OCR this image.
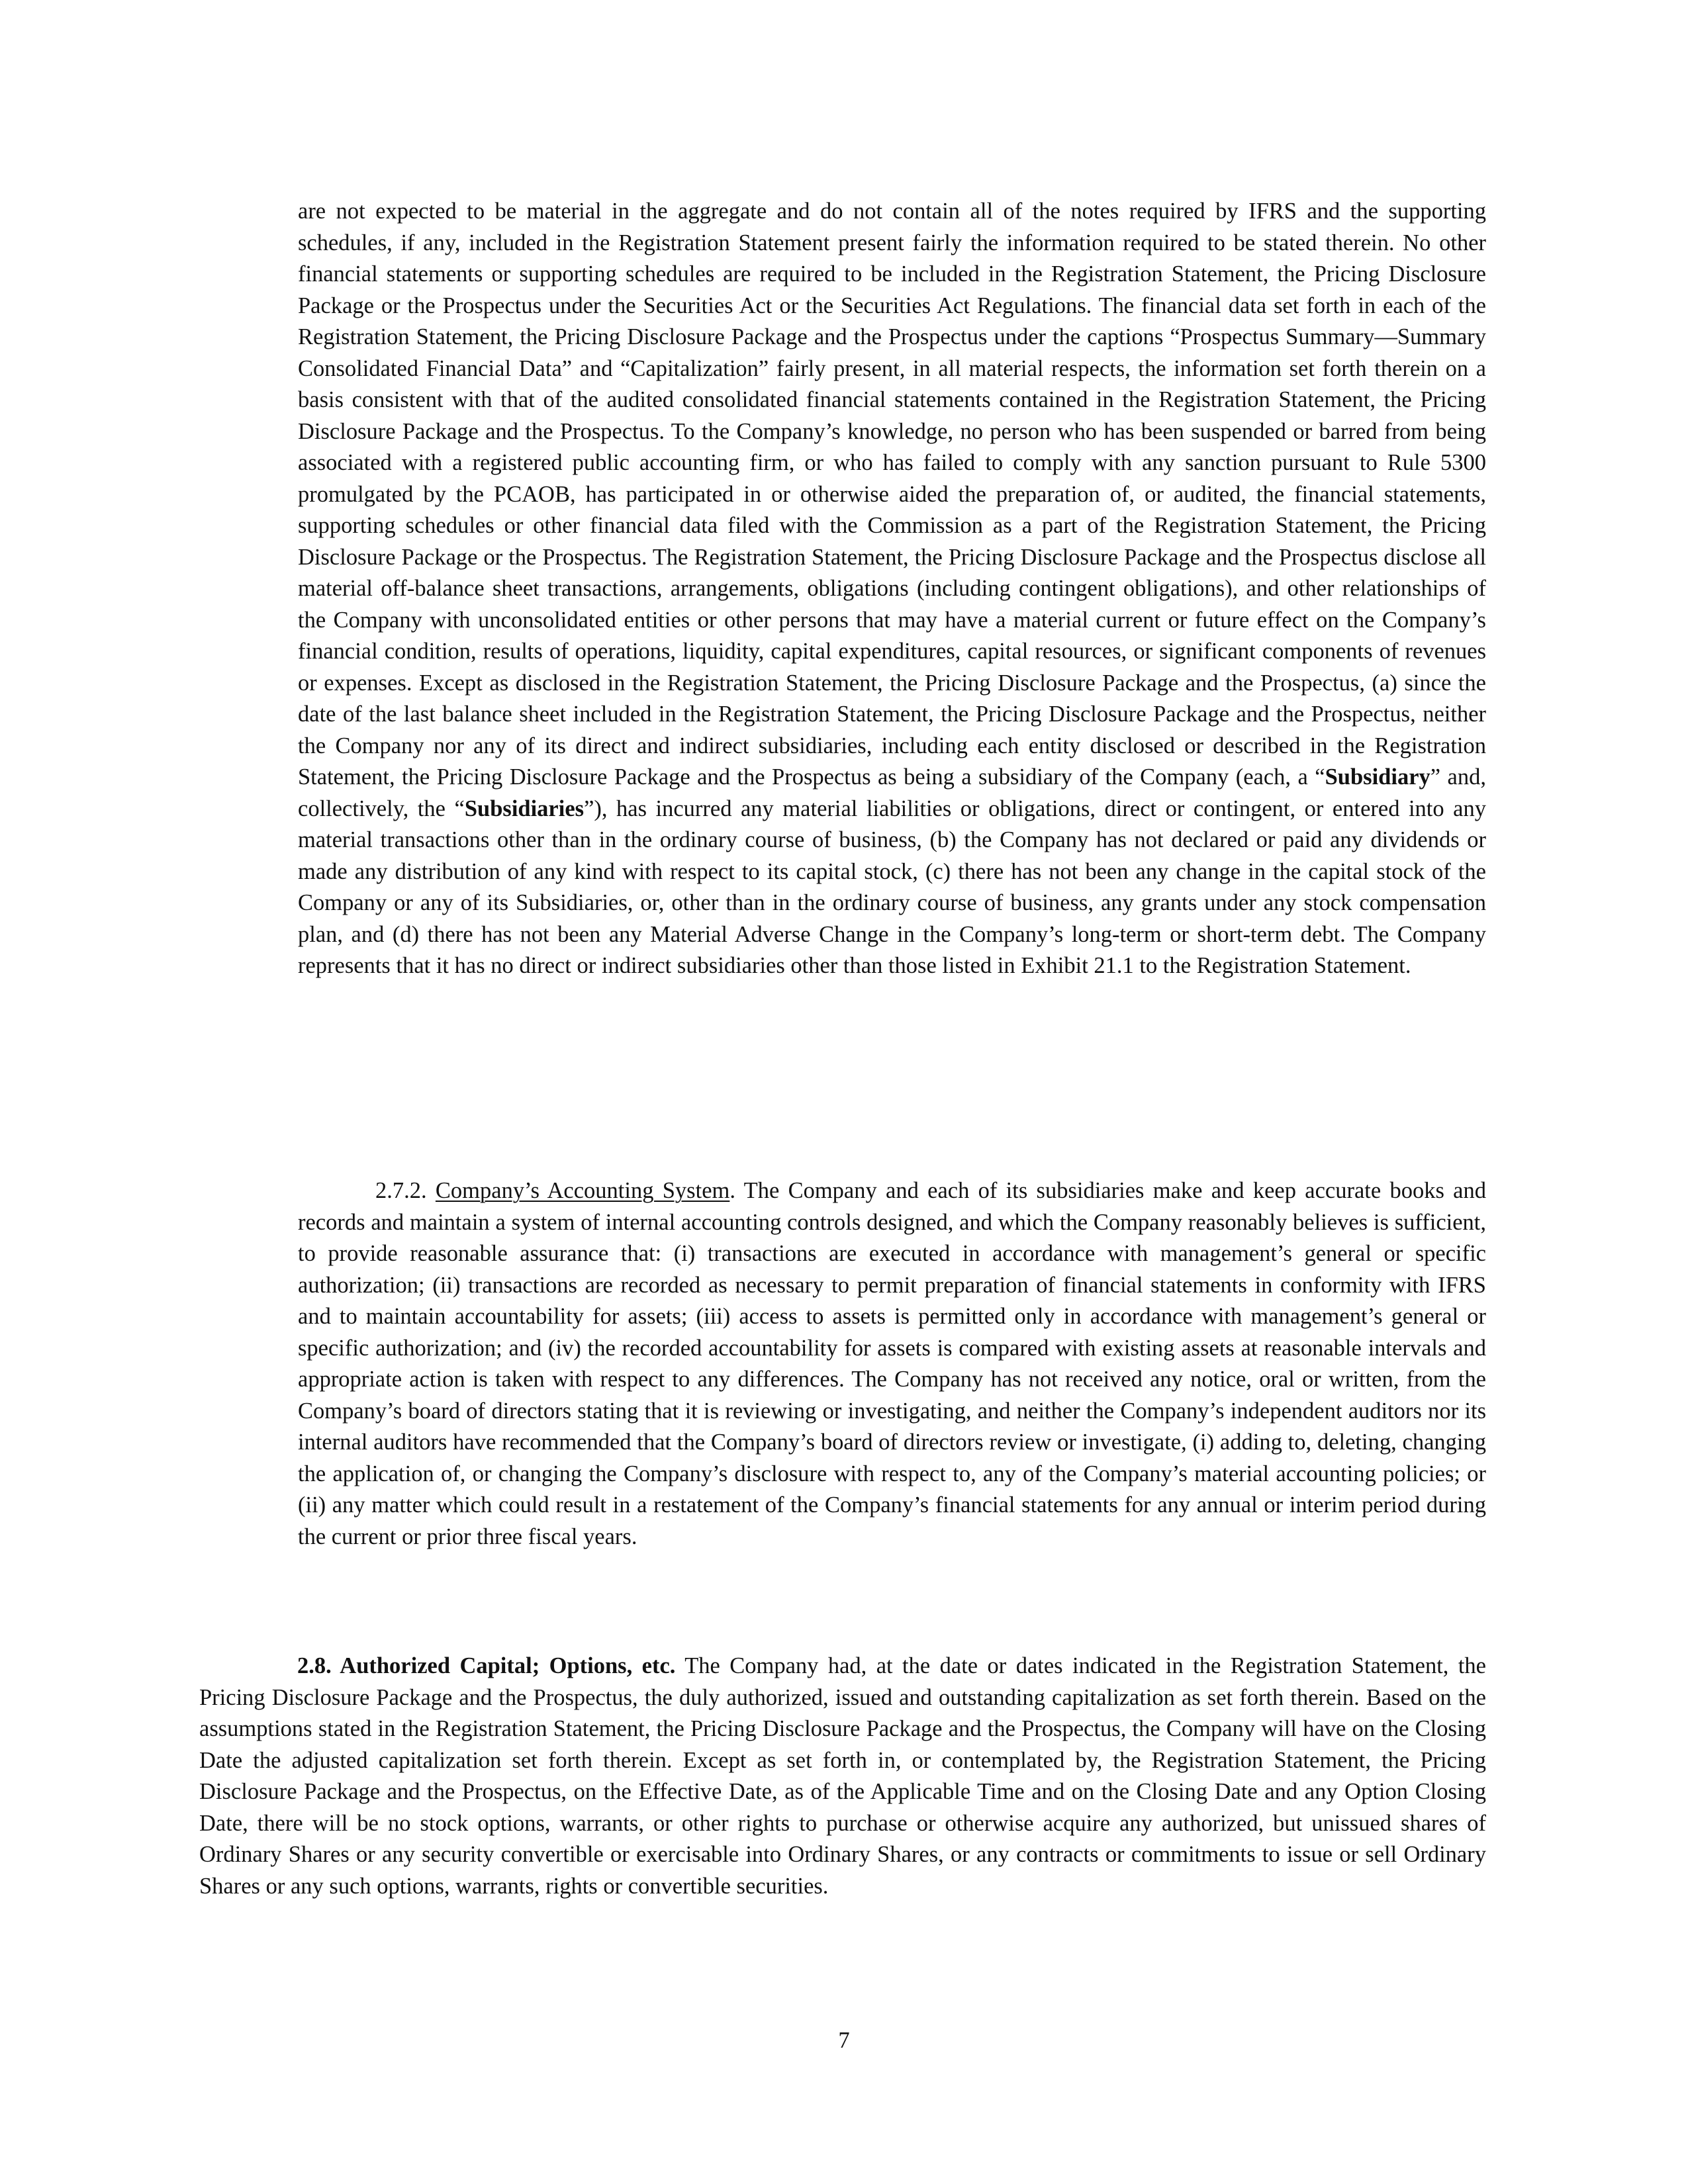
are not expected to be material in the aggregate and do not contain all of the notes required by IFRS and the supporting schedules, if any, included in the Registration Statement present fairly the information required to be stated therein. No other financial statements or supporting schedules are required to be included in the Registration Statement, the Pricing Disclosure Package or the Prospectus under the Securities Act or the Securities Act Regulations. The financial data set forth in each of the Registration Statement, the Pricing Disclosure Package and the Prospectus under the captions “Prospectus Summary—Summary Consolidated Financial Data” and “Capitalization” fairly present, in all material respects, the information set forth therein on a basis consistent with that of the audited consolidated financial statements contained in the Registration Statement, the Pricing Disclosure Package and the Prospectus. To the Company’s knowledge, no person who has been suspended or barred from being associated with a registered public accounting firm, or who has failed to comply with any sanction pursuant to Rule 5300 promulgated by the PCAOB, has participated in or otherwise aided the preparation of, or audited, the financial statements, supporting schedules or other financial data filed with the Commission as a part of the Registration Statement, the Pricing Disclosure Package or the Prospectus. The Registration Statement, the Pricing Disclosure Package and the Prospectus disclose all material off-balance sheet transactions, arrangements, obligations (including contingent obligations), and other relationships of the Company with unconsolidated entities or other persons that may have a material current or future effect on the Company’s financial condition, results of operations, liquidity, capital expenditures, capital resources, or significant components of revenues or expenses. Except as disclosed in the Registration Statement, the Pricing Disclosure Package and the Prospectus, (a) since the date of the last balance sheet included in the Registration Statement, the Pricing Disclosure Package and the Prospectus, neither the Company nor any of its direct and indirect subsidiaries, including each entity disclosed or described in the Registration Statement, the Pricing Disclosure Package and the Prospectus as being a subsidiary of the Company (each, a “Subsidiary” and, collectively, the “Subsidiaries”), has incurred any material liabilities or obligations, direct or contingent, or entered into any material transactions other than in the ordinary course of business, (b) the Company has not declared or paid any dividends or made any distribution of any kind with respect to its capital stock, (c) there has not been any change in the capital stock of the Company or any of its Subsidiaries, or, other than in the ordinary course of business, any grants under any stock compensation plan, and (d) there has not been any Material Adverse Change in the Company’s long-term or short-term debt. The Company represents that it has no direct or indirect subsidiaries other than those listed in Exhibit 21.1 to the Registration Statement.

2.7.2. Company’s Accounting System. The Company and each of its subsidiaries make and keep accurate books and records and maintain a system of internal accounting controls designed, and which the Company reasonably believes is sufficient, to provide reasonable assurance that: (i) transactions are executed in accordance with management’s general or specific authorization; (ii) transactions are recorded as necessary to permit preparation of financial statements in conformity with IFRS and to maintain accountability for assets; (iii) access to assets is permitted only in accordance with management’s general or specific authorization; and (iv) the recorded accountability for assets is compared with existing assets at reasonable intervals and appropriate action is taken with respect to any differences. The Company has not received any notice, oral or written, from the Company’s board of directors stating that it is reviewing or investigating, and neither the Company’s independent auditors nor its internal auditors have recommended that the Company’s board of directors review or investigate, (i) adding to, deleting, changing the application of, or changing the Company’s disclosure with respect to, any of the Company’s material accounting policies; or (ii) any matter which could result in a restatement of the Company’s financial statements for any annual or interim period during the current or prior three fiscal years.

2.8. Authorized Capital; Options, etc. The Company had, at the date or dates indicated in the Registration Statement, the Pricing Disclosure Package and the Prospectus, the duly authorized, issued and outstanding capitalization as set forth therein. Based on the assumptions stated in the Registration Statement, the Pricing Disclosure Package and the Prospectus, the Company will have on the Closing Date the adjusted capitalization set forth therein. Except as set forth in, or contemplated by, the Registration Statement, the Pricing Disclosure Package and the Prospectus, on the Effective Date, as of the Applicable Time and on the Closing Date and any Option Closing Date, there will be no stock options, warrants, or other rights to purchase or otherwise acquire any authorized, but unissued shares of Ordinary Shares or any security convertible or exercisable into Ordinary Shares, or any contracts or commitments to issue or sell Ordinary Shares or any such options, warrants, rights or convertible securities.

7
